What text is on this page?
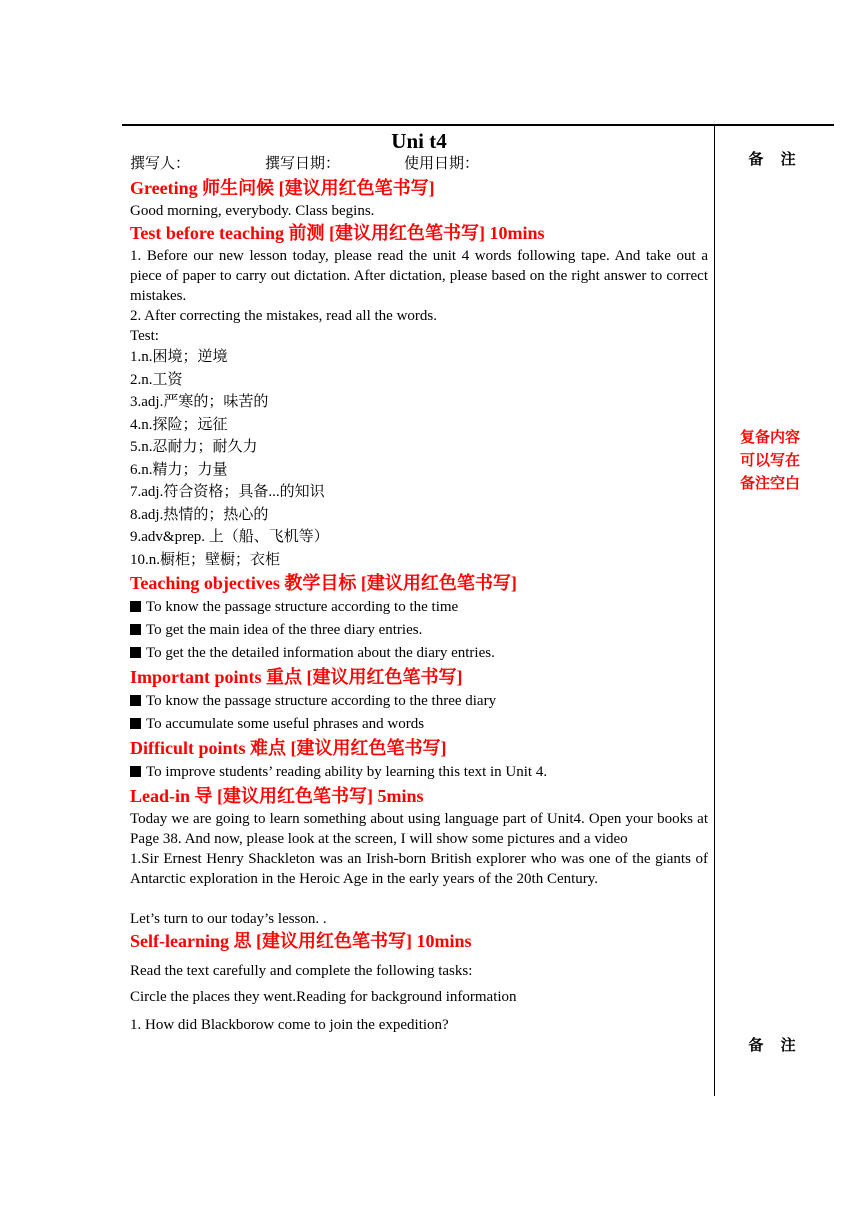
Uni t4
撰写人：	撰写日期：	使用日期：
Greeting 师生问候 [建议用红色笔书写]
Good morning, everybody. Class begins.
Test before teaching 前测 [建议用红色笔书写] 10mins
1. Before our new lesson today, please read the unit 4 words following tape. And take out a piece of paper to carry out dictation. After dictation, please based on the right answer to correct mistakes.
2. After correcting the mistakes, read all the words.
Test:
1.n.困境；逆境
2.n.工资
3.adj.严寒的；味苦的
4.n.探险；远征
5.n.忍耐力；耐久力
6.n.精力；力量
7.adj.符合资格；具备...的知识
8.adj.热情的；热心的
9.adv&prep. 上（船、飞机等）
10.n.橱柜；壁橱；衣柜
Teaching objectives 教学目标 [建议用红色笔书写]
To know the passage structure according to the time
To get the main idea of the three diary entries.
To get the the detailed information about the diary entries.
Important points 重点 [建议用红色笔书写]
To know the passage structure according to the three diary
To accumulate some useful phrases and words
Difficult points 难点 [建议用红色笔书写]
To improve students’ reading ability by learning this text in Unit 4.
Lead-in 导 [建议用红色笔书写] 5mins
Today we are going to learn something about using language part of Unit4. Open your books at Page 38. And now, please look at the screen, I will show some pictures and a video
1.Sir Ernest Henry Shackleton was an Irish-born British explorer who was one of the giants of Antarctic exploration in the Heroic Age in the early years of the 20th Century.
Let’s turn to our today’s lesson. .
Self-learning 思 [建议用红色笔书写] 10mins
Read the text carefully and complete the following tasks:
Circle the places they went.Reading for background information
1. How did Blackborow come to join the expedition?
备 注
复备内容
可以写在
备注空白
备 注
